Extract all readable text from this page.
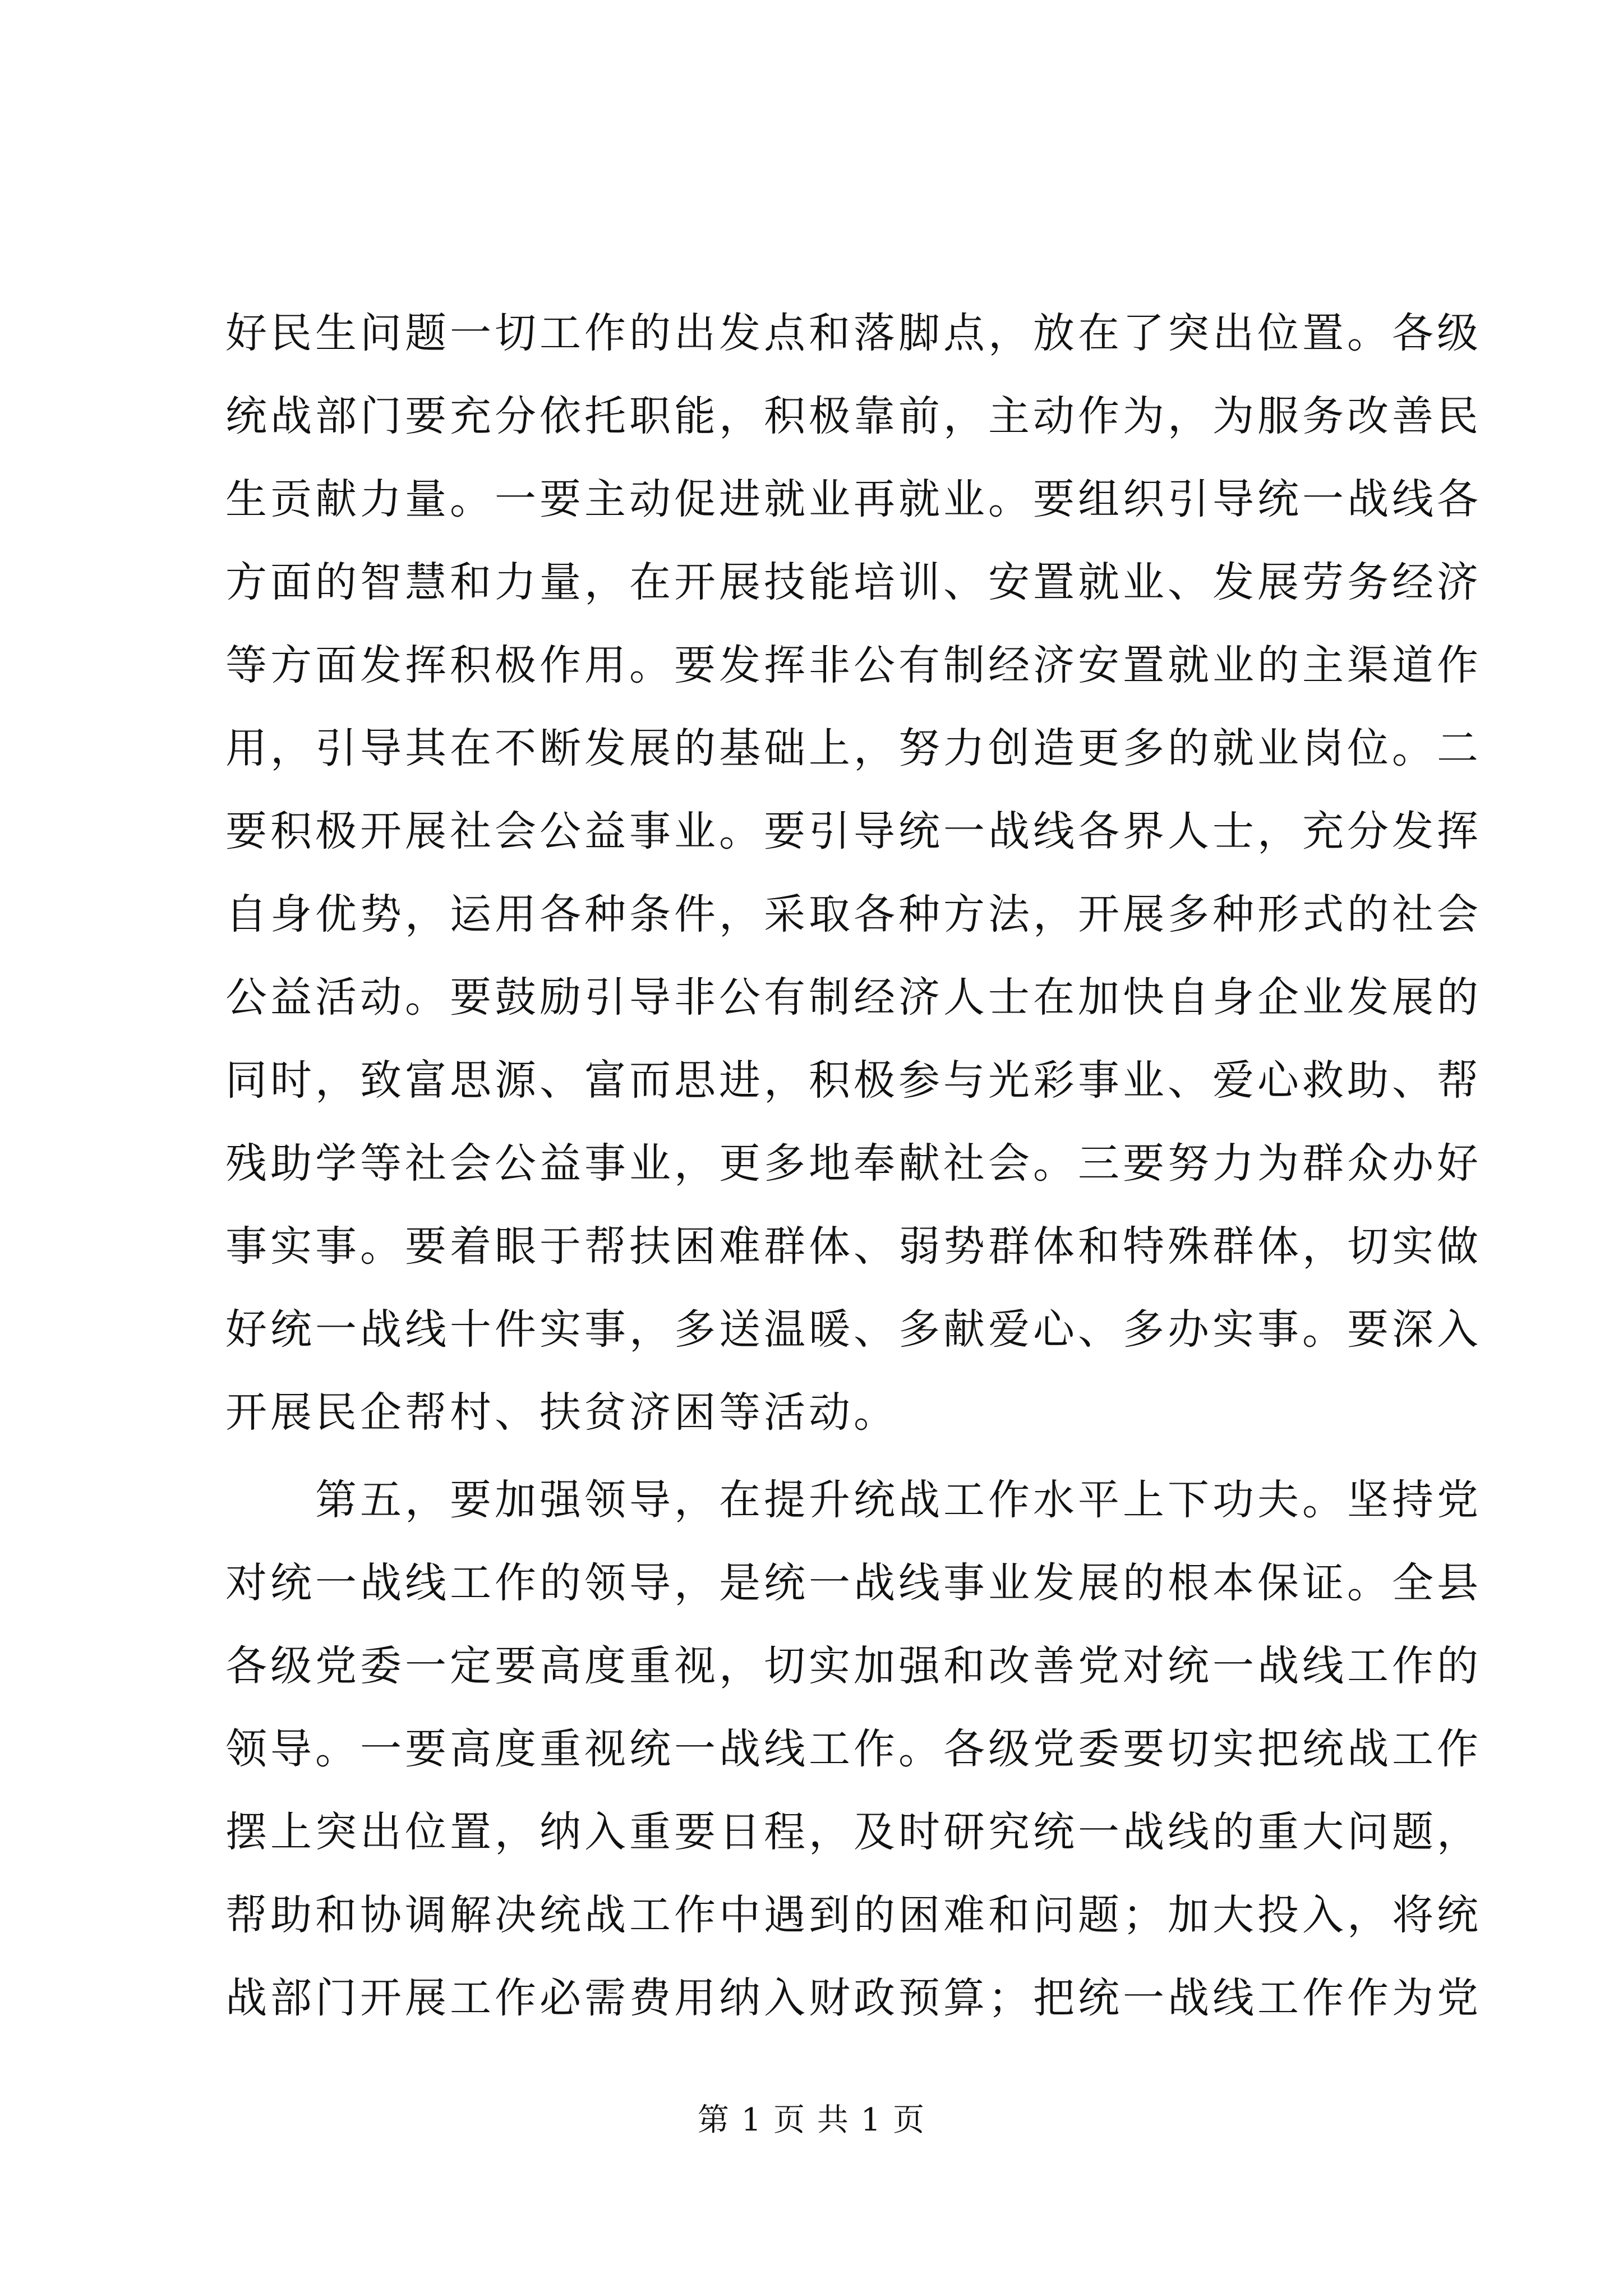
好民生问题一切工作的出发点和落脚点，放在了突出位置。各级
统战部门要充分依托职能，积极靠前，主动作为，为服务改善民
生贡献力量。一要主动促进就业再就业。要组织引导统一战线各
方面的智慧和力量，在开展技能培训、安置就业、发展劳务经济
等方面发挥积极作用。要发挥非公有制经济安置就业的主渠道作
用，引导其在不断发展的基础上，努力创造更多的就业岗位。二
要积极开展社会公益事业。要引导统一战线各界人士，充分发挥
自身优势，运用各种条件，采取各种方法，开展多种形式的社会
公益活动。要鼓励引导非公有制经济人士在加快自身企业发展的
同时，致富思源、富而思进，积极参与光彩事业、爱心救助、帮
残助学等社会公益事业，更多地奉献社会。三要努力为群众办好
事实事。要着眼于帮扶困难群体、弱势群体和特殊群体，切实做
好统一战线十件实事，多送温暖、多献爱心、多办实事。要深入
开展民企帮村、扶贫济困等活动。
　　第五，要加强领导，在提升统战工作水平上下功夫。坚持党
对统一战线工作的领导，是统一战线事业发展的根本保证。全县
各级党委一定要高度重视，切实加强和改善党对统一战线工作的
领导。一要高度重视统一战线工作。各级党委要切实把统战工作
摆上突出位置，纳入重要日程，及时研究统一战线的重大问题，
帮助和协调解决统战工作中遇到的困难和问题；加大投入，将统
战部门开展工作必需费用纳入财政预算；把统一战线工作作为党
第 1 页 共 1 页
